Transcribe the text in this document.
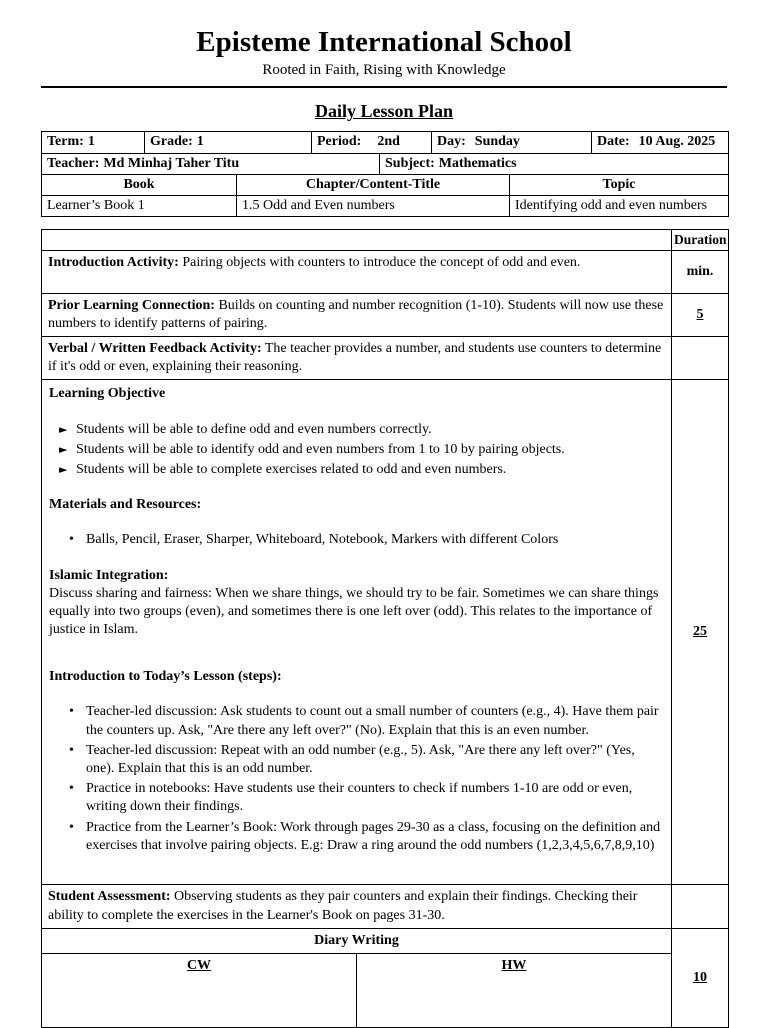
Episteme International School
Rooted in Faith, Rising with Knowledge
Daily Lesson Plan
Term: 1	Grade: 1	Period: 2nd	Day: Sunday	Date: 10 Aug. 2025
Teacher: Md Minhaj Taher Titu	Subject: Mathematics
Book	Chapter/Content-Title	Topic
Learner’s Book 1	1.5 Odd and Even numbers	Identifying odd and even numbers
		Duration
Introduction Activity: Pairing objects with counters to introduce the concept of odd and even.		min.
Prior Learning Connection: Builds on counting and number recognition (1-10). Students will now use these numbers to identify patterns of pairing.		5
Verbal / Written Feedback Activity: The teacher provides a number, and students use counters to determine if it's odd or even, explaining their reasoning.		

Learning Objective

► Students will be able to define odd and even numbers correctly.
► Students will be able to identify odd and even numbers from 1 to 10 by pairing objects.
► Students will be able to complete exercises related to odd and even numbers.

Materials and Resources:

• Balls, Pencil, Eraser, Sharper, Whiteboard, Notebook, Markers with different Colors

Islamic Integration:

Discuss sharing and fairness: When we share things, we should try to be fair. Sometimes we can share things equally into two groups (even), and sometimes there is one left over (odd). This relates to the importance of justice in Islam.

Introduction to Today’s Lesson (steps):

• Teacher-led discussion: Ask students to count out a small number of counters (e.g., 4). Have them pair the counters up. Ask, "Are there any left over?" (No). Explain that this is an even number.
• Teacher-led discussion: Repeat with an odd number (e.g., 5). Ask, "Are there any left over?" (Yes, one). Explain that this is an odd number.
• Practice in notebooks: Have students use their counters to check if numbers 1-10 are odd or even, writing down their findings.
• Practice from the Learner’s Book: Work through pages 29-30 as a class, focusing on the definition and exercises that involve pairing objects. E.g: Draw a ring around the odd numbers (1,2,3,4,5,6,7,8,9,10)
	25
Student Assessment: Observing students as they pair counters and explain their findings. Checking their ability to complete the exercises in the Learner's Book on pages 31-30.		
Diary Writing		10
CW	HW	
